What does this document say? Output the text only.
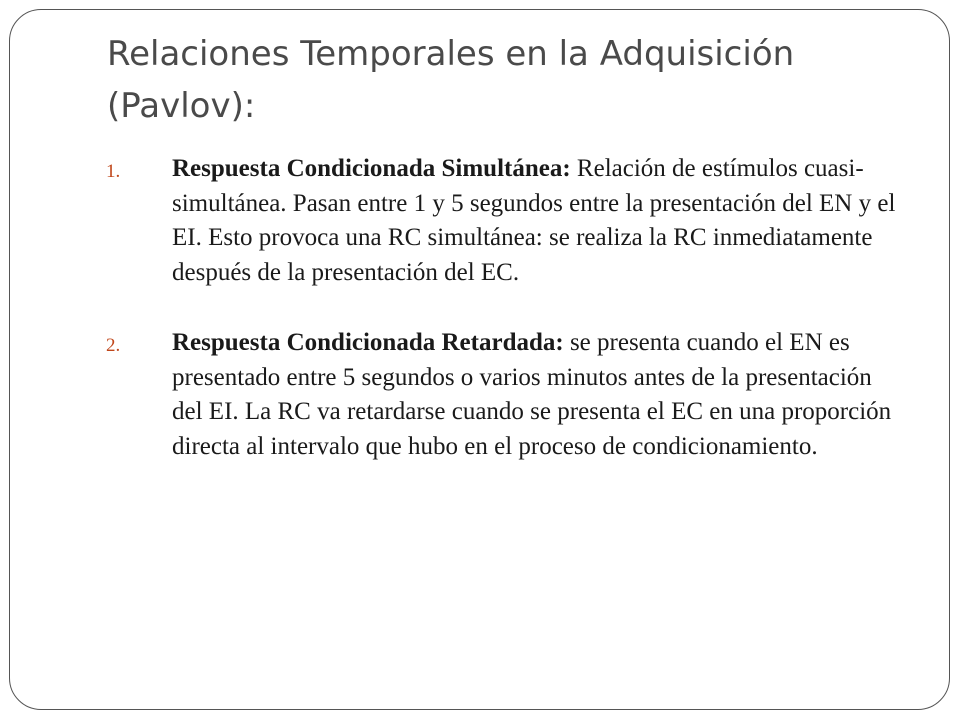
Relaciones Temporales en la Adquisición (Pavlov):
1. Respuesta Condicionada Simultánea: Relación de estímulos cuasi-simultánea. Pasan entre 1 y 5 segundos entre la presentación del EN y el EI. Esto provoca una RC simultánea: se realiza la RC inmediatamente después de la presentación del EC.
2. Respuesta Condicionada Retardada: se presenta cuando el EN es presentado entre 5 segundos o varios minutos antes de la presentación del EI. La RC va retardarse cuando se presenta el EC en una proporción directa al intervalo que hubo en el proceso de condicionamiento.
